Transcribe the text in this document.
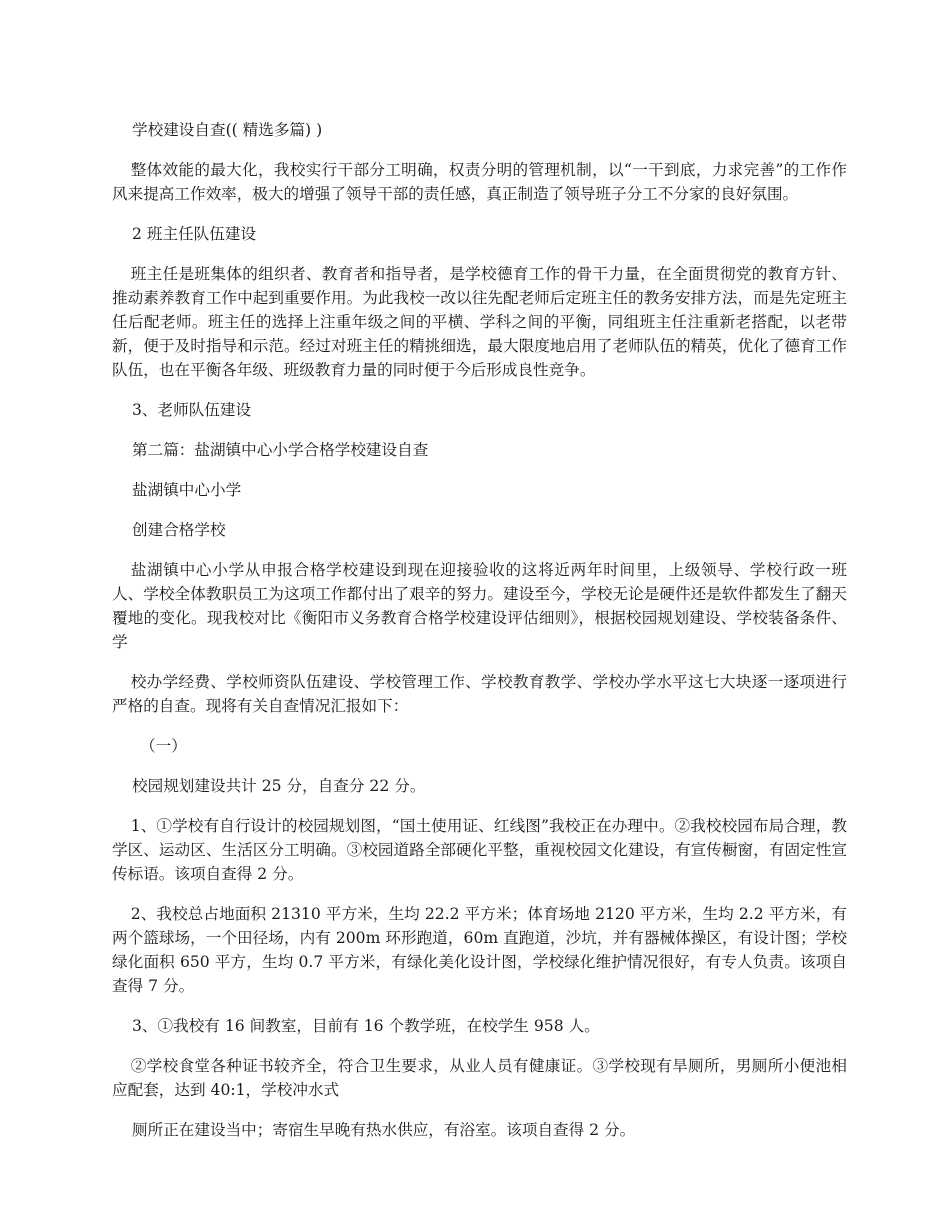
学校建设自查(( 精选多篇) )

整体效能的最大化，我校实行干部分工明确，权责分明的管理机制，以“一干到底，力求完善”的工作作风来提高工作效率，极大的增强了领导干部的责任感，真正制造了领导班子分工不分家的良好氛围。

2 班主任队伍建设

班主任是班集体的组织者、教育者和指导者，是学校德育工作的骨干力量，在全面贯彻党的教育方针、推动素养教育工作中起到重要作用。为此我校一改以往先配老师后定班主任的教务安排方法，而是先定班主任后配老师。班主任的选择上注重年级之间的平横、学科之间的平衡，同组班主任注重新老搭配，以老带新，便于及时指导和示范。经过对班主任的精挑细选，最大限度地启用了老师队伍的精英，优化了德育工作队伍，也在平衡各年级、班级教育力量的同时便于今后形成良性竞争。

3、老师队伍建设

第二篇：盐湖镇中心小学合格学校建设自查

盐湖镇中心小学

创建合格学校

盐湖镇中心小学从申报合格学校建设到现在迎接验收的这将近两年时间里，上级领导、学校行政一班人、学校全体教职员工为这项工作都付出了艰辛的努力。建设至今，学校无论是硬件还是软件都发生了翻天覆地的变化。现我校对比《衡阳市义务教育合格学校建设评估细则》，根据校园规划建设、学校装备条件、学

校办学经费、学校师资队伍建设、学校管理工作、学校教育教学、学校办学水平这七大块逐一逐项进行严格的自查。现将有关自查情况汇报如下：

（一）

校园规划建设共计 25 分，自查分 22 分。

1、①学校有自行设计的校园规划图，“国土使用证、红线图”我校正在办理中。②我校校园布局合理，教学区、运动区、生活区分工明确。③校园道路全部硬化平整，重视校园文化建设，有宣传橱窗，有固定性宣传标语。该项自查得 2 分。

2、我校总占地面积 21310 平方米，生均 22.2 平方米；体育场地 2120 平方米，生均 2.2 平方米，有两个篮球场，一个田径场，内有 200m 环形跑道，60m 直跑道，沙坑，并有器械体操区，有设计图；学校绿化面积 650 平方，生均 0.7 平方米，有绿化美化设计图，学校绿化维护情况很好，有专人负责。该项自查得 7 分。

3、①我校有 16 间教室，目前有 16 个教学班，在校学生 958 人。

②学校食堂各种证书较齐全，符合卫生要求，从业人员有健康证。③学校现有旱厕所，男厕所小便池相应配套，达到 40:1，学校冲水式

厕所正在建设当中；寄宿生早晚有热水供应，有浴室。该项自查得 2 分。
